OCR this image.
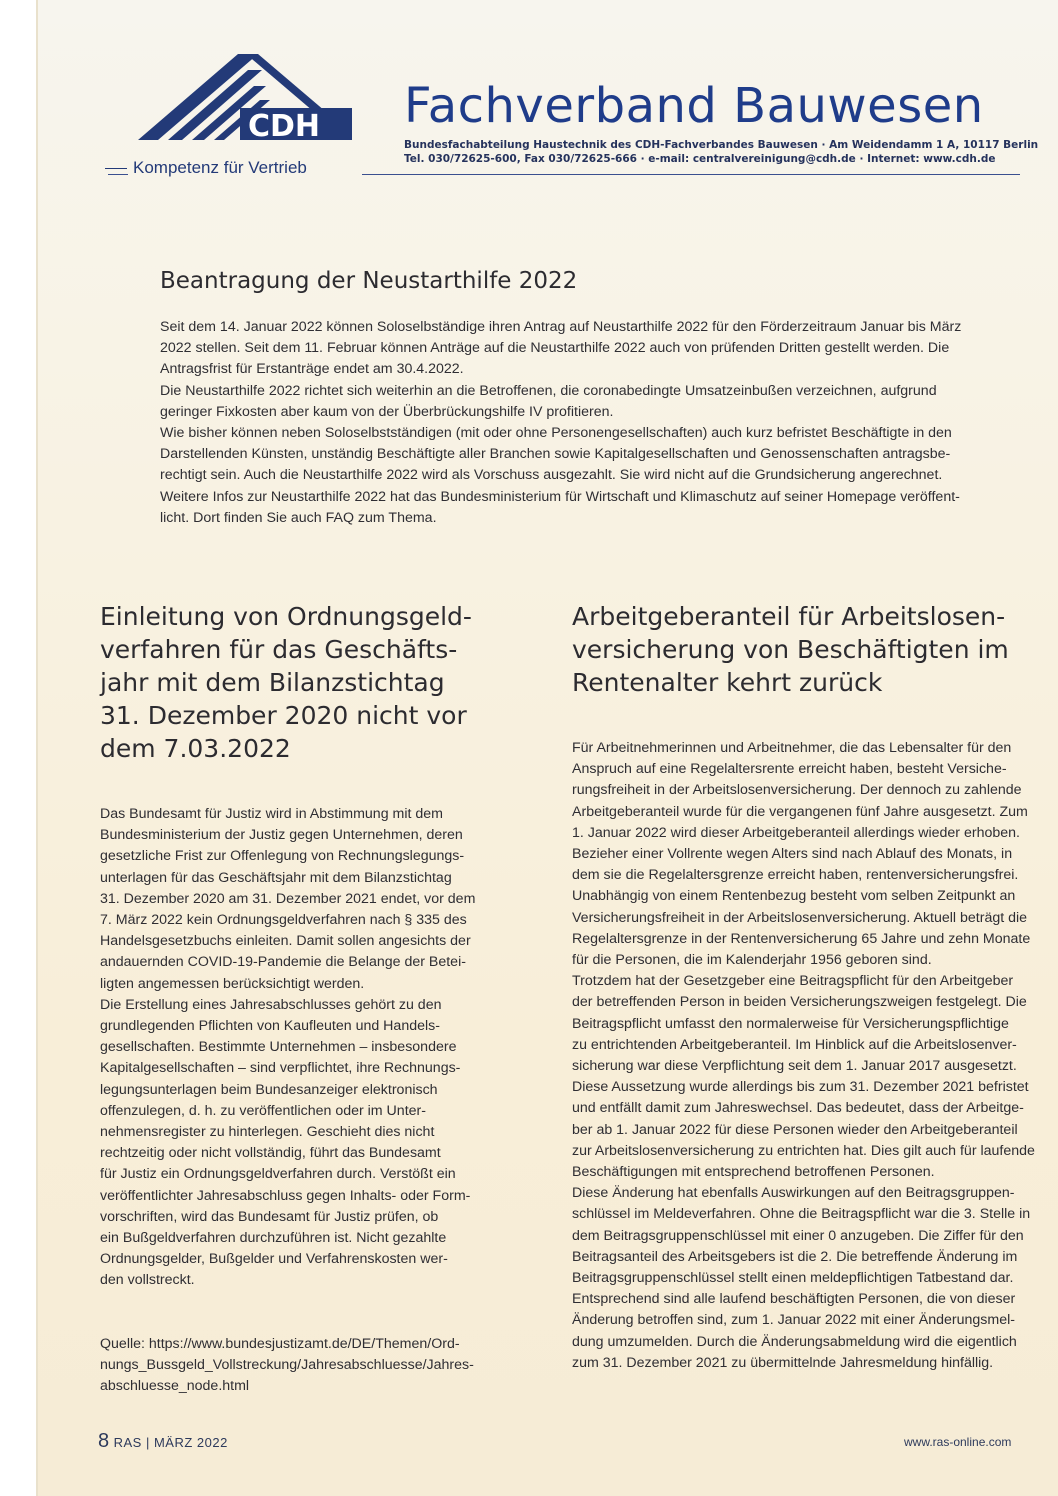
CDH
Kompetenz für Vertrieb
Fachverband Bauwesen
Bundesfachabteilung Haustechnik des CDH-Fachverbandes Bauwesen · Am Weidendamm 1 A, 10117 Berlin
Tel. 030/72625-600, Fax 030/72625-666 · e-mail: centralvereinigung@cdh.de · Internet: www.cdh.de
Beantragung der Neustarthilfe 2022

Seit dem 14. Januar 2022 können Soloselbständige ihren Antrag auf Neustarthilfe 2022 für den Förderzeitraum Januar bis März

2022 stellen. Seit dem 11. Februar können Anträge auf die Neustarthilfe 2022 auch von prüfenden Dritten gestellt werden. Die

Antragsfrist für Erstanträge endet am 30.4.2022.

Die Neustarthilfe 2022 richtet sich weiterhin an die Betroffenen, die coronabedingte Umsatzeinbußen verzeichnen, aufgrund

geringer Fixkosten aber kaum von der Überbrückungshilfe IV profitieren.

Wie bisher können neben Soloselbstständigen (mit oder ohne Personengesellschaften) auch kurz befristet Beschäftigte in den

Darstellenden Künsten, unständig Beschäftigte aller Branchen sowie Kapitalgesellschaften und Genossenschaften antragsbe-

rechtigt sein. Auch die Neustarthilfe 2022 wird als Vorschuss ausgezahlt. Sie wird nicht auf die Grundsicherung angerechnet.

Weitere Infos zur Neustarthilfe 2022 hat das Bundesministerium für Wirtschaft und Klimaschutz auf seiner Homepage veröffent-

licht. Dort finden Sie auch FAQ zum Thema.

Einleitung von Ordnungsgeld-
verfahren für das Geschäfts-
jahr mit dem Bilanzstichtag
31. Dezember 2020 nicht vor
dem 7.03.2022

Das Bundesamt für Justiz wird in Abstimmung mit dem

Bundesministerium der Justiz gegen Unternehmen, deren

gesetzliche Frist zur Offenlegung von Rechnungslegungs-

unterlagen für das Geschäftsjahr mit dem Bilanzstichtag

31. Dezember 2020 am 31. Dezember 2021 endet, vor dem

7. März 2022 kein Ordnungsgeldverfahren nach § 335 des

Handelsgesetzbuchs einleiten. Damit sollen angesichts der

andauernden COVID-19-Pandemie die Belange der Betei-

ligten angemessen berücksichtigt werden.

Die Erstellung eines Jahresabschlusses gehört zu den

grundlegenden Pflichten von Kaufleuten und Handels-

gesellschaften. Bestimmte Unternehmen – insbesondere

Kapitalgesellschaften – sind verpflichtet, ihre Rechnungs-

legungsunterlagen beim Bundesanzeiger elektronisch

offenzulegen, d. h. zu veröffentlichen oder im Unter-

nehmensregister zu hinterlegen. Geschieht dies nicht

rechtzeitig oder nicht vollständig, führt das Bundesamt

für Justiz ein Ordnungsgeldverfahren durch. Verstößt ein

veröffentlichter Jahresabschluss gegen Inhalts- oder Form-

vorschriften, wird das Bundesamt für Justiz prüfen, ob

ein Bußgeldverfahren durchzuführen ist. Nicht gezahlte

Ordnungsgelder, Bußgelder und Verfahrenskosten wer-

den vollstreckt.

Quelle: https://www.bundesjustizamt.de/DE/Themen/Ord-

nungs_Bussgeld_Vollstreckung/Jahresabschluesse/Jahres-

abschluesse_node.html

Arbeitgeberanteil für Arbeitslosen-
versicherung von Beschäftigten im
Rentenalter kehrt zurück

Für Arbeitnehmerinnen und Arbeitnehmer, die das Lebensalter für den

Anspruch auf eine Regelaltersrente erreicht haben, besteht Versiche-

rungsfreiheit in der Arbeitslosenversicherung. Der dennoch zu zahlende

Arbeitgeberanteil wurde für die vergangenen fünf Jahre ausgesetzt. Zum

1. Januar 2022 wird dieser Arbeitgeberanteil allerdings wieder erhoben.

Bezieher einer Vollrente wegen Alters sind nach Ablauf des Monats, in

dem sie die Regelaltersgrenze erreicht haben, rentenversicherungsfrei.

Unabhängig von einem Rentenbezug besteht vom selben Zeitpunkt an

Versicherungsfreiheit in der Arbeitslosenversicherung. Aktuell beträgt die

Regelaltersgrenze in der Rentenversicherung 65 Jahre und zehn Monate

für die Personen, die im Kalenderjahr 1956 geboren sind.

Trotzdem hat der Gesetzgeber eine Beitragspflicht für den Arbeitgeber

der betreffenden Person in beiden Versicherungszweigen festgelegt. Die

Beitragspflicht umfasst den normalerweise für Versicherungspflichtige

zu entrichtenden Arbeitgeberanteil. Im Hinblick auf die Arbeitslosenver-

sicherung war diese Verpflichtung seit dem 1. Januar 2017 ausgesetzt.

Diese Aussetzung wurde allerdings bis zum 31. Dezember 2021 befristet

und entfällt damit zum Jahreswechsel. Das bedeutet, dass der Arbeitge-

ber ab 1. Januar 2022 für diese Personen wieder den Arbeitgeberanteil

zur Arbeitslosenversicherung zu entrichten hat. Dies gilt auch für laufende

Beschäftigungen mit entsprechend betroffenen Personen.

Diese Änderung hat ebenfalls Auswirkungen auf den Beitragsgruppen-

schlüssel im Meldeverfahren. Ohne die Beitragspflicht war die 3. Stelle in

dem Beitragsgruppenschlüssel mit einer 0 anzugeben. Die Ziffer für den

Beitragsanteil des Arbeitsgebers ist die 2. Die betreffende Änderung im

Beitragsgruppenschlüssel stellt einen meldepflichtigen Tatbestand dar.

Entsprechend sind alle laufend beschäftigten Personen, die von dieser

Änderung betroffen sind, zum 1. Januar 2022 mit einer Änderungsmel-

dung umzumelden. Durch die Änderungsabmeldung wird die eigentlich

zum 31. Dezember 2021 zu übermittelnde Jahresmeldung hinfällig.

8 RAS | MÄRZ 2022	www.ras-online.com
